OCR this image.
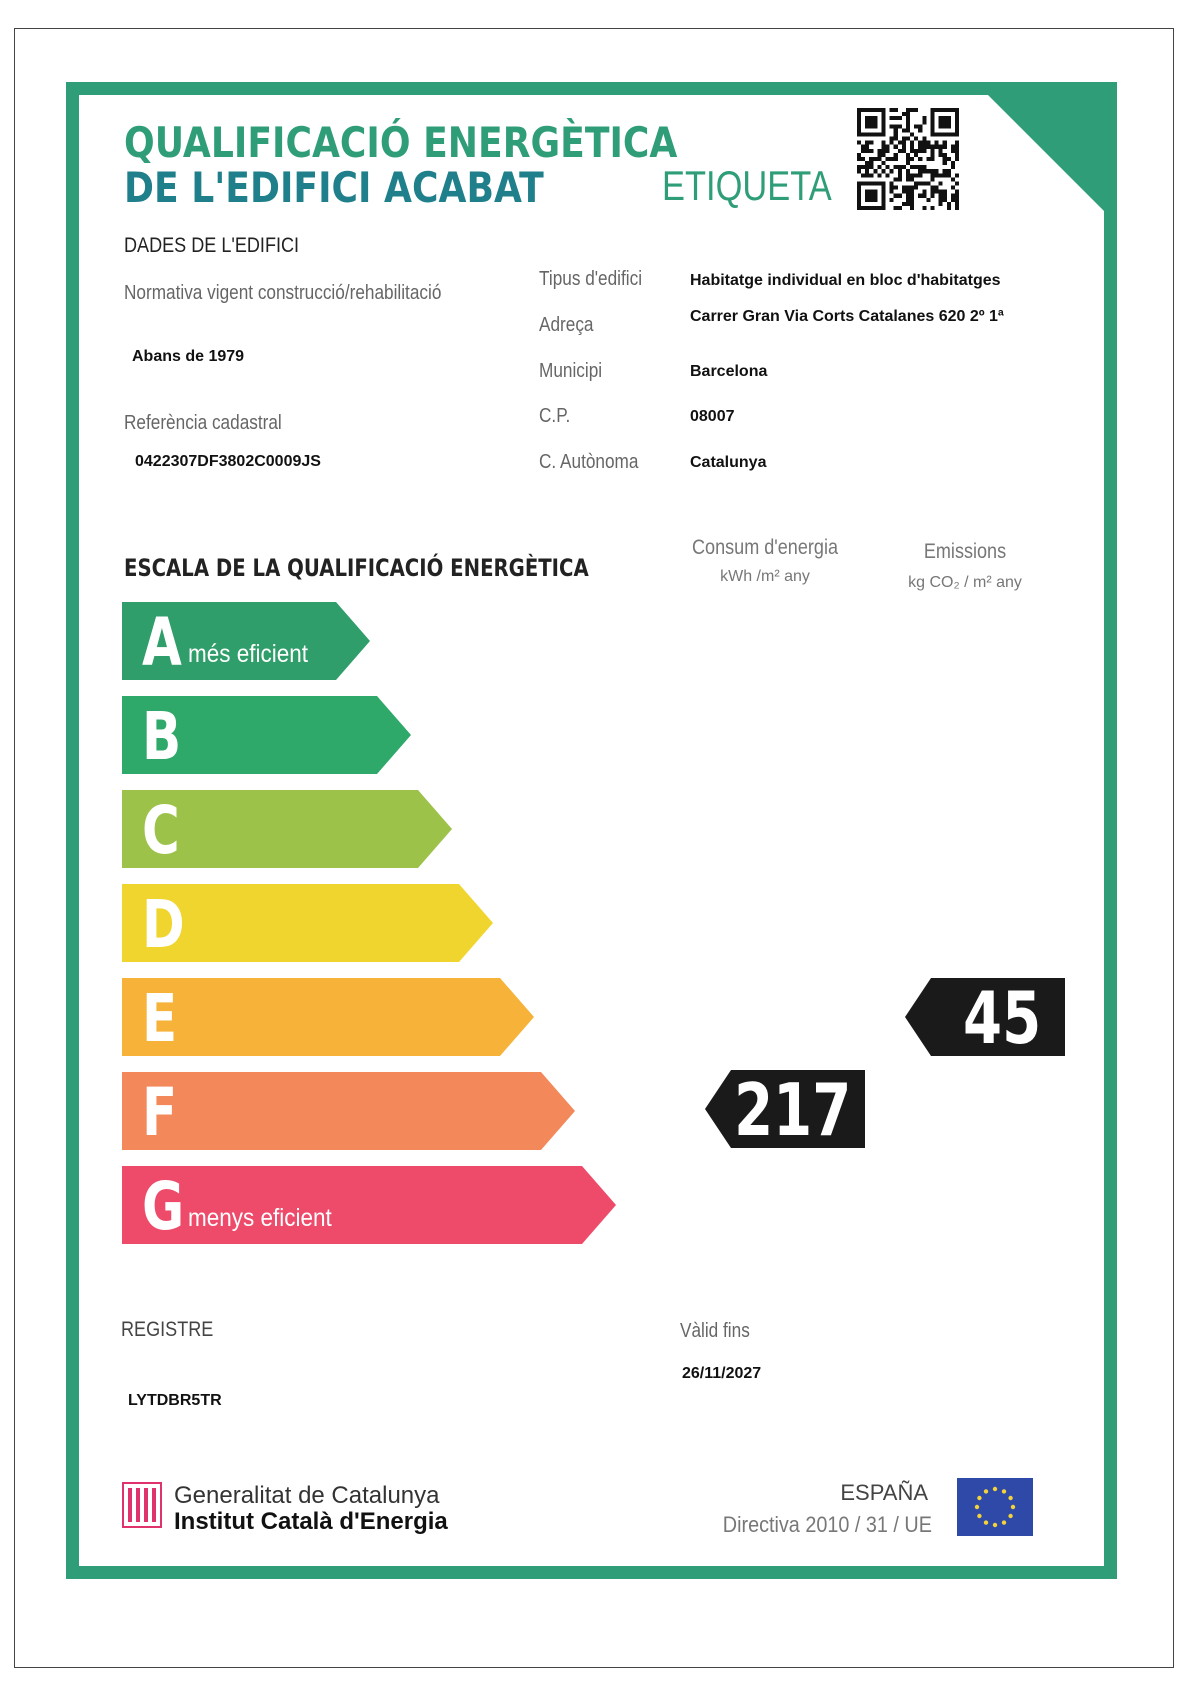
QUALIFICACIÓ ENERGÈTICA
DE L'EDIFICI ACABAT	ETIQUETA
DADES DE L'EDIFICI
Normativa vigent construcció/rehabilitació
Abans de 1979
Referència cadastral
0422307DF3802C0009JS
Tipus d'edifici	Habitatge individual en bloc d'habitatges
Adreça	Carrer Gran Via Corts Catalanes 620 2º 1ª
Municipi	Barcelona
C.P.	08007
C. Autònoma	Catalunya
ESCALA DE LA QUALIFICACIÓ ENERGÈTICA
Consum d'energia
kWh /m² any
Emissions
kg CO₂ / m² any
A més eficient
B
C
D
E
F
G menys eficient
217
45
REGISTRE
LYTDBR5TR
Vàlid fins
26/11/2027
Generalitat de Catalunya
Institut Català d'Energia
ESPAÑA
Directiva 2010 / 31 / UE
